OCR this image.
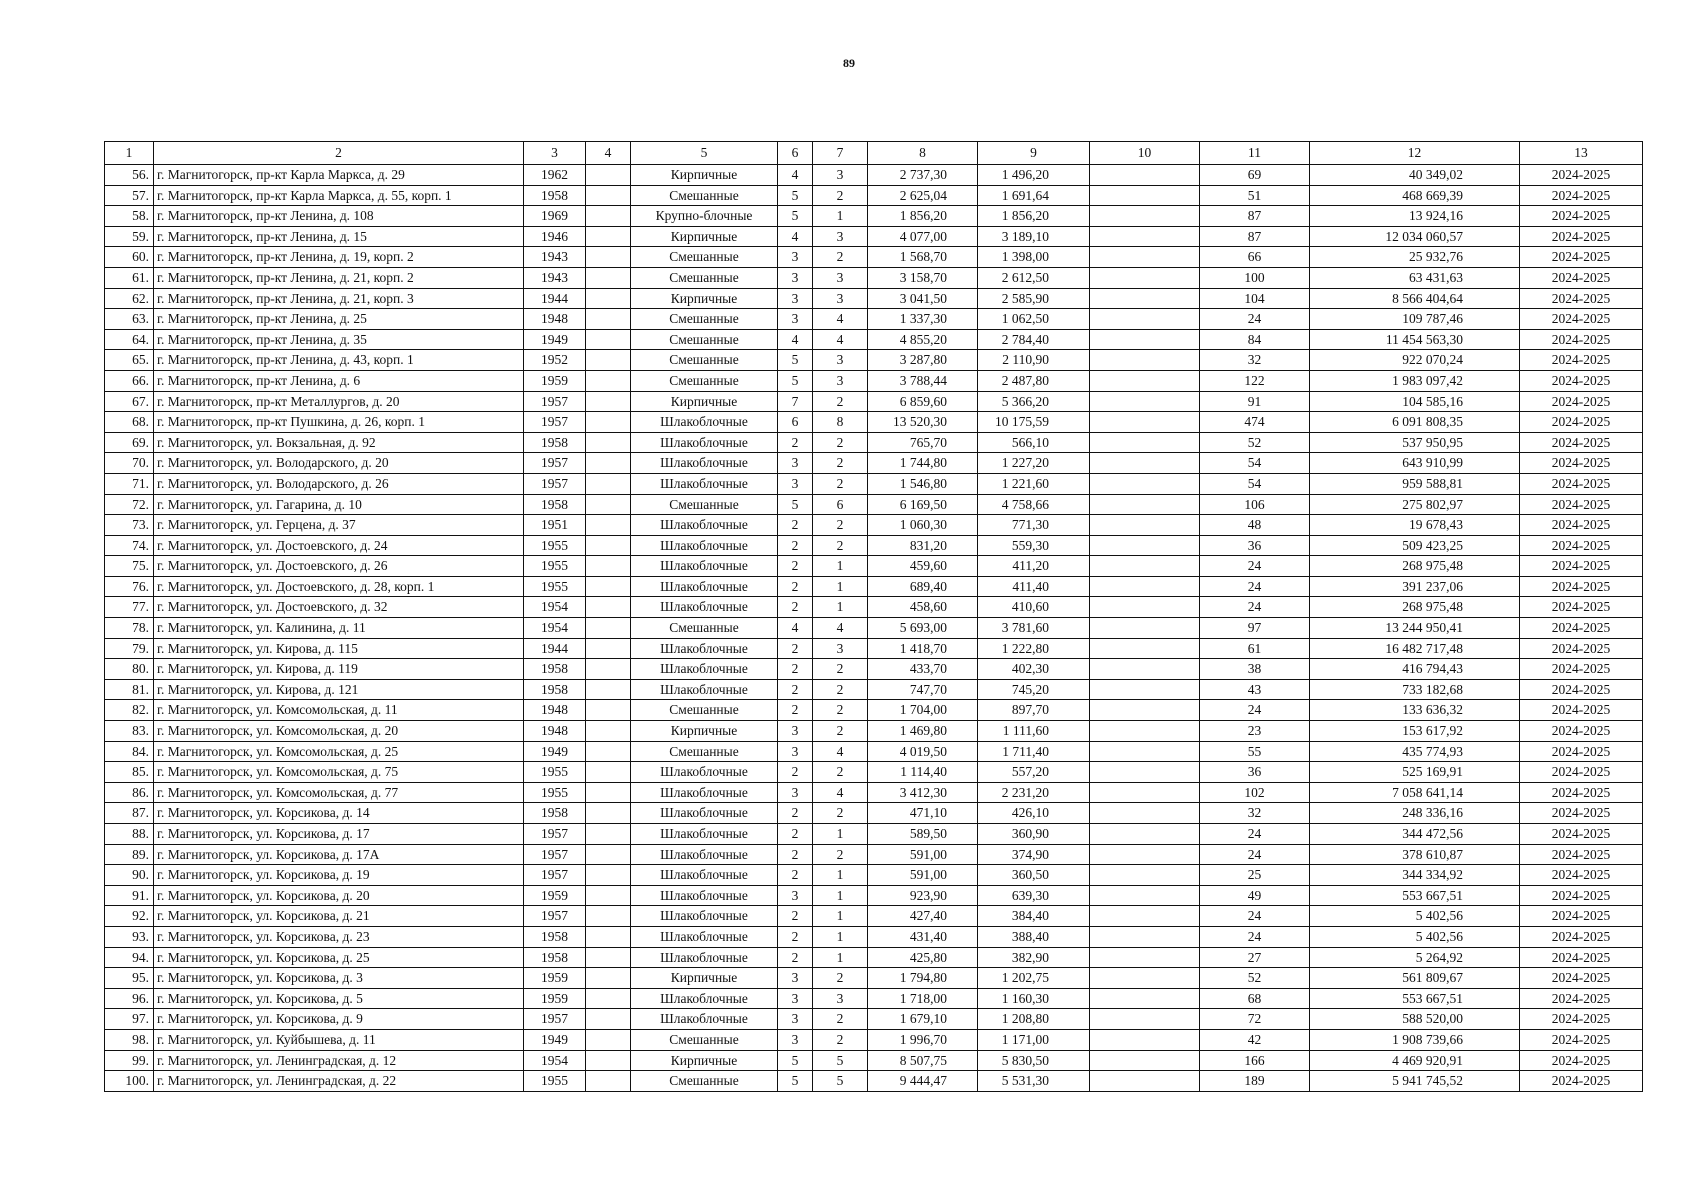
89
1	2	3	4	5	6	7	8	9	10	11	12	13
56.	г. Магнитогорск, пр-кт Карла Маркса, д. 29	1962		Кирпичные	4	3	2 737,30	1 496,20		69	40 349,02	2024-2025
57.	г. Магнитогорск, пр-кт Карла Маркса, д. 55, корп. 1	1958		Смешанные	5	2	2 625,04	1 691,64		51	468 669,39	2024-2025
58.	г. Магнитогорск, пр-кт Ленина, д. 108	1969		Крупно-блочные	5	1	1 856,20	1 856,20		87	13 924,16	2024-2025
59.	г. Магнитогорск, пр-кт Ленина, д. 15	1946		Кирпичные	4	3	4 077,00	3 189,10		87	12 034 060,57	2024-2025
60.	г. Магнитогорск, пр-кт Ленина, д. 19, корп. 2	1943		Смешанные	3	2	1 568,70	1 398,00		66	25 932,76	2024-2025
61.	г. Магнитогорск, пр-кт Ленина, д. 21, корп. 2	1943		Смешанные	3	3	3 158,70	2 612,50		100	63 431,63	2024-2025
62.	г. Магнитогорск, пр-кт Ленина, д. 21, корп. 3	1944		Кирпичные	3	3	3 041,50	2 585,90		104	8 566 404,64	2024-2025
63.	г. Магнитогорск, пр-кт Ленина, д. 25	1948		Смешанные	3	4	1 337,30	1 062,50		24	109 787,46	2024-2025
64.	г. Магнитогорск, пр-кт Ленина, д. 35	1949		Смешанные	4	4	4 855,20	2 784,40		84	11 454 563,30	2024-2025
65.	г. Магнитогорск, пр-кт Ленина, д. 43, корп. 1	1952		Смешанные	5	3	3 287,80	2 110,90		32	922 070,24	2024-2025
66.	г. Магнитогорск, пр-кт Ленина, д. 6	1959		Смешанные	5	3	3 788,44	2 487,80		122	1 983 097,42	2024-2025
67.	г. Магнитогорск, пр-кт Металлургов, д. 20	1957		Кирпичные	7	2	6 859,60	5 366,20		91	104 585,16	2024-2025
68.	г. Магнитогорск, пр-кт Пушкина, д. 26, корп. 1	1957		Шлакоблочные	6	8	13 520,30	10 175,59		474	6 091 808,35	2024-2025
69.	г. Магнитогорск, ул. Вокзальная, д. 92	1958		Шлакоблочные	2	2	765,70	566,10		52	537 950,95	2024-2025
70.	г. Магнитогорск, ул. Володарского, д. 20	1957		Шлакоблочные	3	2	1 744,80	1 227,20		54	643 910,99	2024-2025
71.	г. Магнитогорск, ул. Володарского, д. 26	1957		Шлакоблочные	3	2	1 546,80	1 221,60		54	959 588,81	2024-2025
72.	г. Магнитогорск, ул. Гагарина, д. 10	1958		Смешанные	5	6	6 169,50	4 758,66		106	275 802,97	2024-2025
73.	г. Магнитогорск, ул. Герцена, д. 37	1951		Шлакоблочные	2	2	1 060,30	771,30		48	19 678,43	2024-2025
74.	г. Магнитогорск, ул. Достоевского, д. 24	1955		Шлакоблочные	2	2	831,20	559,30		36	509 423,25	2024-2025
75.	г. Магнитогорск, ул. Достоевского, д. 26	1955		Шлакоблочные	2	1	459,60	411,20		24	268 975,48	2024-2025
76.	г. Магнитогорск, ул. Достоевского, д. 28, корп. 1	1955		Шлакоблочные	2	1	689,40	411,40		24	391 237,06	2024-2025
77.	г. Магнитогорск, ул. Достоевского, д. 32	1954		Шлакоблочные	2	1	458,60	410,60		24	268 975,48	2024-2025
78.	г. Магнитогорск, ул. Калинина, д. 11	1954		Смешанные	4	4	5 693,00	3 781,60		97	13 244 950,41	2024-2025
79.	г. Магнитогорск, ул. Кирова, д. 115	1944		Шлакоблочные	2	3	1 418,70	1 222,80		61	16 482 717,48	2024-2025
80.	г. Магнитогорск, ул. Кирова, д. 119	1958		Шлакоблочные	2	2	433,70	402,30		38	416 794,43	2024-2025
81.	г. Магнитогорск, ул. Кирова, д. 121	1958		Шлакоблочные	2	2	747,70	745,20		43	733 182,68	2024-2025
82.	г. Магнитогорск, ул. Комсомольская, д. 11	1948		Смешанные	2	2	1 704,00	897,70		24	133 636,32	2024-2025
83.	г. Магнитогорск, ул. Комсомольская, д. 20	1948		Кирпичные	3	2	1 469,80	1 111,60		23	153 617,92	2024-2025
84.	г. Магнитогорск, ул. Комсомольская, д. 25	1949		Смешанные	3	4	4 019,50	1 711,40		55	435 774,93	2024-2025
85.	г. Магнитогорск, ул. Комсомольская, д. 75	1955		Шлакоблочные	2	2	1 114,40	557,20		36	525 169,91	2024-2025
86.	г. Магнитогорск, ул. Комсомольская, д. 77	1955		Шлакоблочные	3	4	3 412,30	2 231,20		102	7 058 641,14	2024-2025
87.	г. Магнитогорск, ул. Корсикова, д. 14	1958		Шлакоблочные	2	2	471,10	426,10		32	248 336,16	2024-2025
88.	г. Магнитогорск, ул. Корсикова, д. 17	1957		Шлакоблочные	2	1	589,50	360,90		24	344 472,56	2024-2025
89.	г. Магнитогорск, ул. Корсикова, д. 17А	1957		Шлакоблочные	2	2	591,00	374,90		24	378 610,87	2024-2025
90.	г. Магнитогорск, ул. Корсикова, д. 19	1957		Шлакоблочные	2	1	591,00	360,50		25	344 334,92	2024-2025
91.	г. Магнитогорск, ул. Корсикова, д. 20	1959		Шлакоблочные	3	1	923,90	639,30		49	553 667,51	2024-2025
92.	г. Магнитогорск, ул. Корсикова, д. 21	1957		Шлакоблочные	2	1	427,40	384,40		24	5 402,56	2024-2025
93.	г. Магнитогорск, ул. Корсикова, д. 23	1958		Шлакоблочные	2	1	431,40	388,40		24	5 402,56	2024-2025
94.	г. Магнитогорск, ул. Корсикова, д. 25	1958		Шлакоблочные	2	1	425,80	382,90		27	5 264,92	2024-2025
95.	г. Магнитогорск, ул. Корсикова, д. 3	1959		Кирпичные	3	2	1 794,80	1 202,75		52	561 809,67	2024-2025
96.	г. Магнитогорск, ул. Корсикова, д. 5	1959		Шлакоблочные	3	3	1 718,00	1 160,30		68	553 667,51	2024-2025
97.	г. Магнитогорск, ул. Корсикова, д. 9	1957		Шлакоблочные	3	2	1 679,10	1 208,80		72	588 520,00	2024-2025
98.	г. Магнитогорск, ул. Куйбышева, д. 11	1949		Смешанные	3	2	1 996,70	1 171,00		42	1 908 739,66	2024-2025
99.	г. Магнитогорск, ул. Ленинградская, д. 12	1954		Кирпичные	5	5	8 507,75	5 830,50		166	4 469 920,91	2024-2025
100.	г. Магнитогорск, ул. Ленинградская, д. 22	1955		Смешанные	5	5	9 444,47	5 531,30		189	5 941 745,52	2024-2025
